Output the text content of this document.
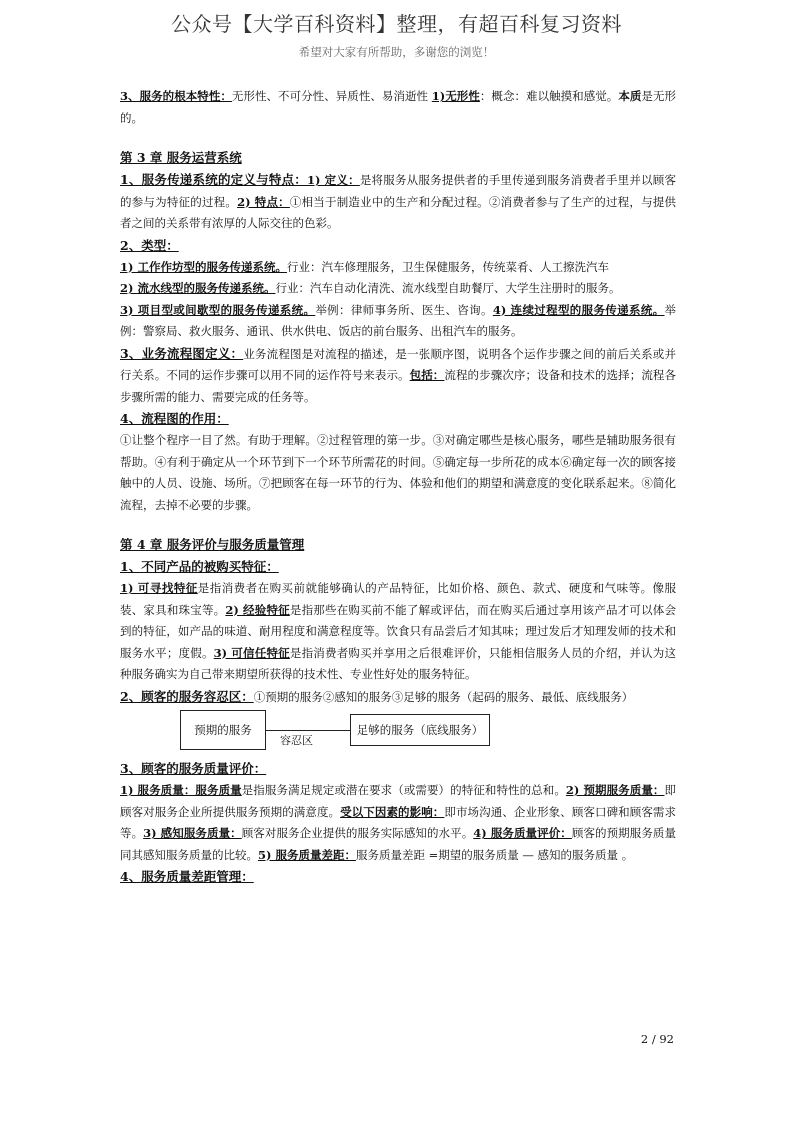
公众号【大学百科资料】整理，有超百科复习资料
希望对大家有所帮助，多谢您的浏览！

3、服务的根本特性：无形性、不可分性、异质性、易消逝性 1)无形性：概念：难以触摸和感觉。本质是无形的。

第 3 章 服务运营系统

1、服务传递系统的定义与特点：1) 定义：是将服务从服务提供者的手里传递到服务消费者手里并以顾客的参与为特征的过程。2) 特点：①相当于制造业中的生产和分配过程。②消费者参与了生产的过程，与提供者之间的关系带有浓厚的人际交往的色彩。

2、类型：

1) 工作作坊型的服务传递系统。行业：汽车修理服务，卫生保健服务，传统菜肴、人工擦洗汽车

2) 流水线型的服务传递系统。行业：汽车自动化清洗、流水线型自助餐厅、大学生注册时的服务。

3) 项目型或间歇型的服务传递系统。举例：律师事务所、医生、咨询。4) 连续过程型的服务传递系统。举例：警察局、救火服务、通讯、供水供电、饭店的前台服务、出租汽车的服务。

3、业务流程图定义：业务流程图是对流程的描述，是一张顺序图，说明各个运作步骤之间的前后关系或并行关系。不同的运作步骤可以用不同的运作符号来表示。包括：流程的步骤次序；设备和技术的选择；流程各步骤所需的能力、需要完成的任务等。

4、流程图的作用：

①让整个程序一目了然。有助于理解。②过程管理的第一步。③对确定哪些是核心服务，哪些是辅助服务很有帮助。④有利于确定从一个环节到下一个环节所需花的时间。⑤确定每一步所花的成本⑥确定每一次的顾客接触中的人员、设施、场所。⑦把顾客在每一环节的行为、体验和他们的期望和满意度的变化联系起来。⑧简化流程，去掉不必要的步骤。

第 4 章 服务评价与服务质量管理

1、不同产品的被购买特征：

1) 可寻找特征是指消费者在购买前就能够确认的产品特征，比如价格、颜色、款式、硬度和气味等。像服装、家具和珠宝等。2) 经验特征是指那些在购买前不能了解或评估，而在购买后通过享用该产品才可以体会到的特征，如产品的味道、耐用程度和满意程度等。饮食只有品尝后才知其味；理过发后才知理发师的技术和服务水平；度假。3) 可信任特征是指消费者购买并享用之后很难评价，只能相信服务人员的介绍，并认为这种服务确实为自己带来期望所获得的技术性、专业性好处的服务特征。

2、顾客的服务容忍区：①预期的服务②感知的服务③足够的服务（起码的服务、最低、底线服务）

预期的服务
容忍区
足够的服务（底线服务）

3、顾客的服务质量评价：

1) 服务质量：服务质量是指服务满足规定或潜在要求（或需要）的特征和特性的总和。2) 预期服务质量：即顾客对服务企业所提供服务预期的满意度。受以下因素的影响：即市场沟通、企业形象、顾客口碑和顾客需求等。3) 感知服务质量：顾客对服务企业提供的服务实际感知的水平。4) 服务质量评价：顾客的预期服务质量同其感知服务质量的比较。5) 服务质量差距：服务质量差距 =期望的服务质量 — 感知的服务质量 。

4、服务质量差距管理：

2 / 92
